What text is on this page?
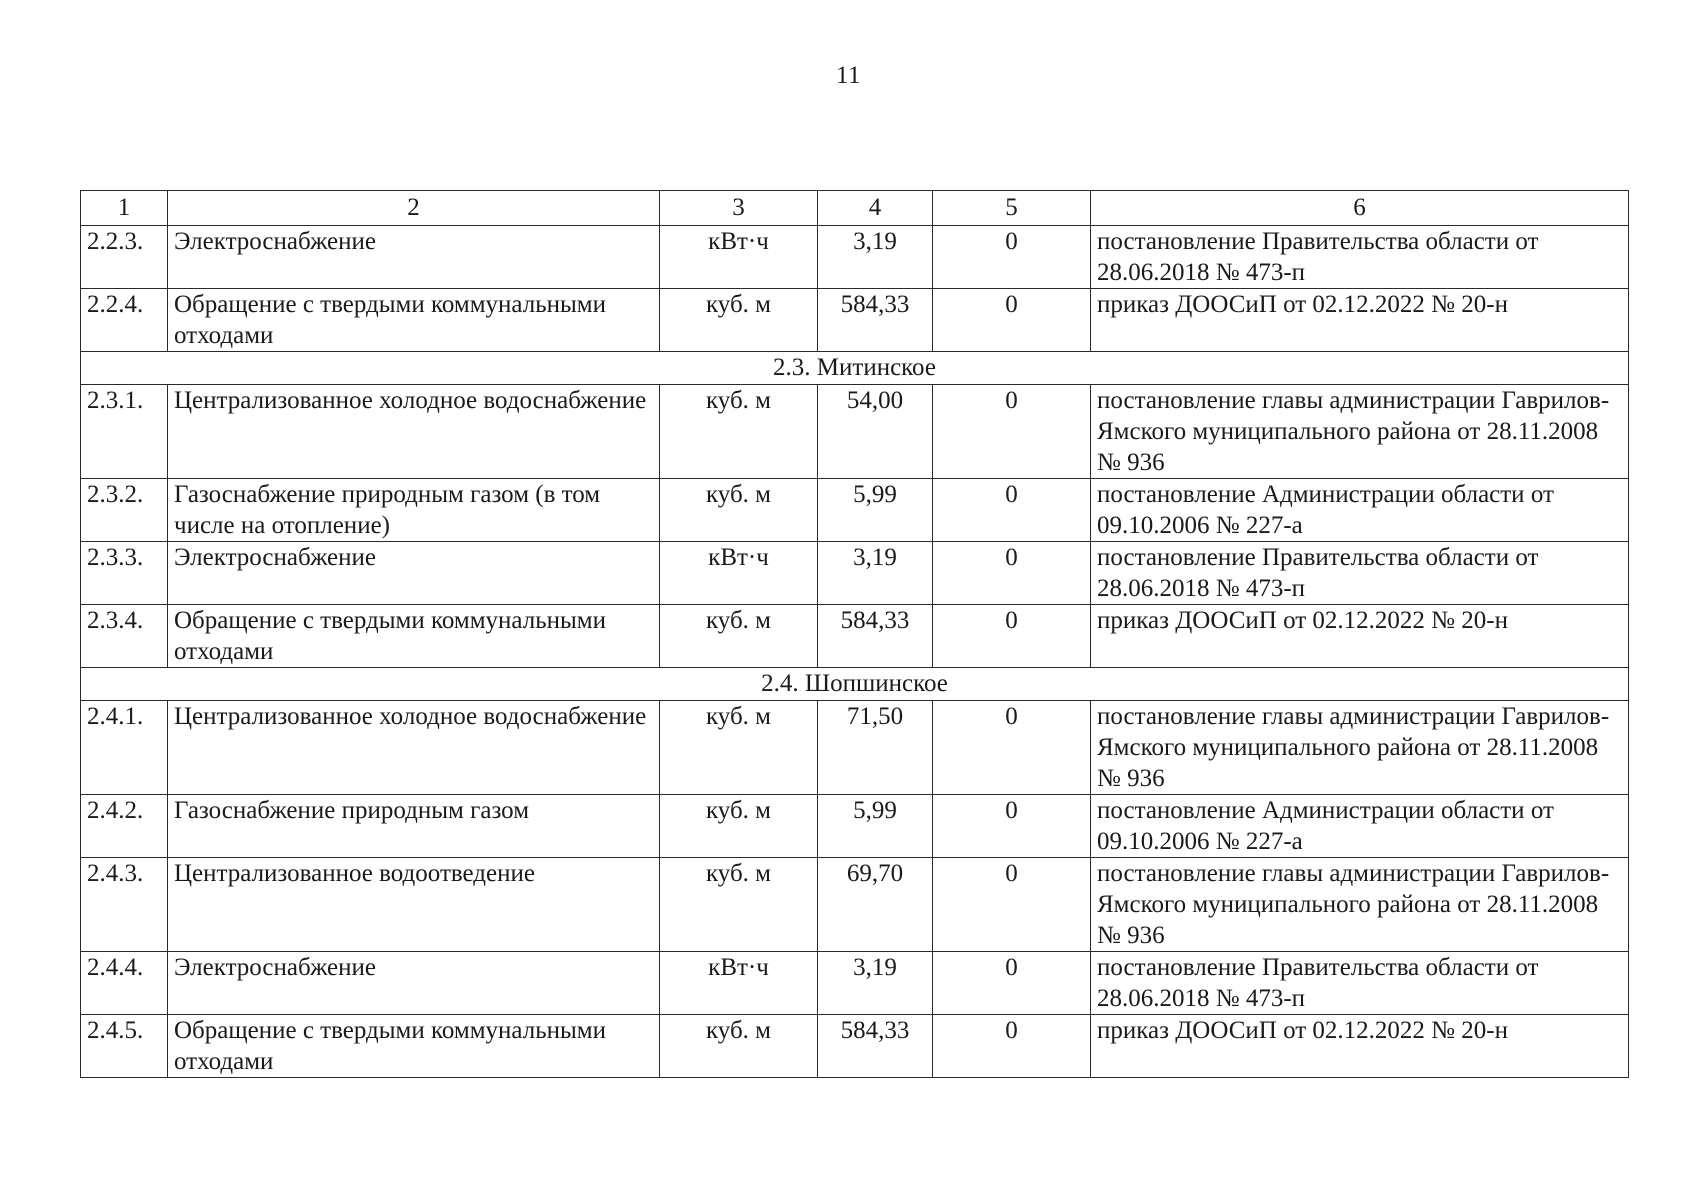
11
1	2	3	4	5	6
2.2.3.	Электроснабжение	кВт·ч	3,19	0	постановление Правительства области от 28.06.2018 № 473-п
2.2.4.	Обращение с твердыми коммунальными отходами	куб. м	584,33	0	приказ ДООСиП от 02.12.2022 № 20-н
2.3. Митинское					
2.3.1.	Централизованное холодное водоснабжение	куб. м	54,00	0	постановление главы администрации Гаврилов-Ямского муниципального района от 28.11.2008 № 936
2.3.2.	Газоснабжение природным газом (в том числе на отопление)	куб. м	5,99	0	постановление Администрации области от 09.10.2006 № 227-а
2.3.3.	Электроснабжение	кВт·ч	3,19	0	постановление Правительства области от 28.06.2018 № 473-п
2.3.4.	Обращение с твердыми коммунальными отходами	куб. м	584,33	0	приказ ДООСиП от 02.12.2022 № 20-н
2.4. Шопшинское					
2.4.1.	Централизованное холодное водоснабжение	куб. м	71,50	0	постановление главы администрации Гаврилов-Ямского муниципального района от 28.11.2008 № 936
2.4.2.	Газоснабжение природным газом	куб. м	5,99	0	постановление Администрации области от 09.10.2006 № 227-а
2.4.3.	Централизованное водоотведение	куб. м	69,70	0	постановление главы администрации Гаврилов-Ямского муниципального района от 28.11.2008 № 936
2.4.4.	Электроснабжение	кВт·ч	3,19	0	постановление Правительства области от 28.06.2018 № 473-п
2.4.5.	Обращение с твердыми коммунальными отходами	куб. м	584,33	0	приказ ДООСиП от 02.12.2022 № 20-н
